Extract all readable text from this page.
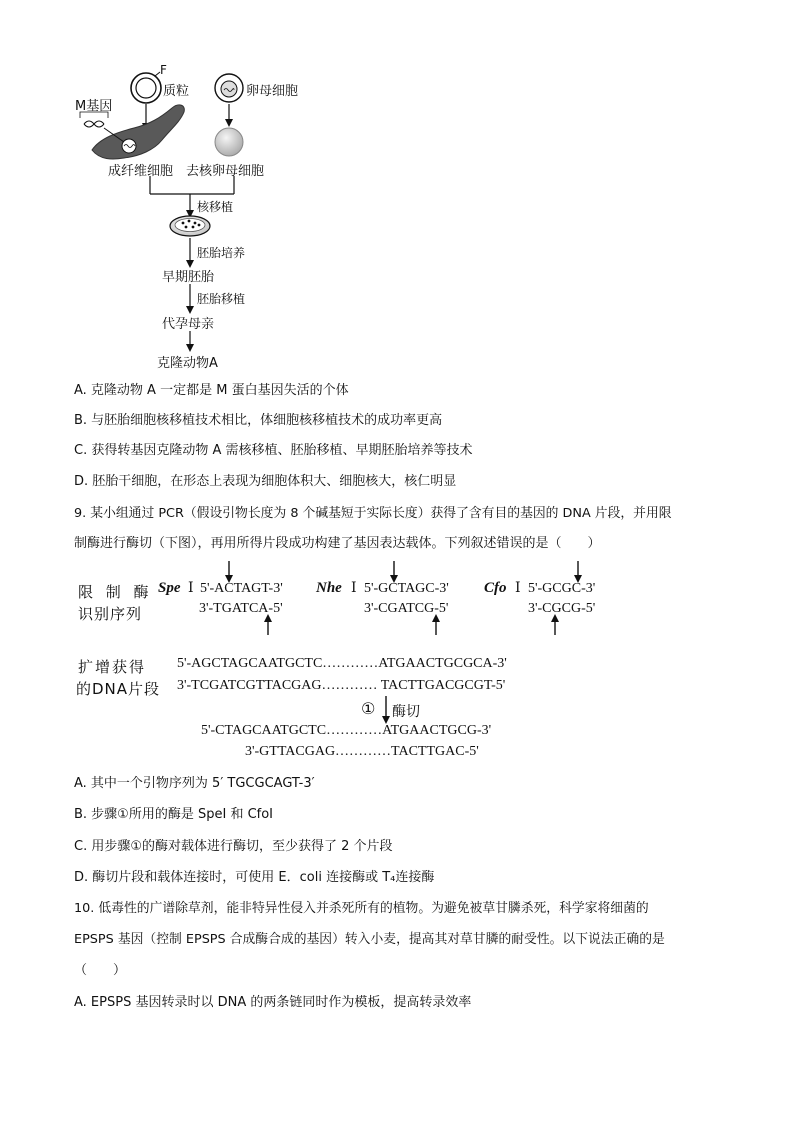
F
质粒
M基因
卵母细胞
成纤维细胞 去核卵母细胞
核移植
胚胎培养
早期胚胎
胚胎移植
代孕母亲
克隆动物A
A. 克隆动物 A 一定都是 M 蛋白基因失活的个体
B. 与胚胎细胞核移植技术相比，体细胞核移植技术的成功率更高
C. 获得转基因克隆动物 A 需核移植、胚胎移植、早期胚胎培养等技术
D. 胚胎干细胞，在形态上表现为细胞体积大、细胞核大，核仁明显
9. 某小组通过 PCR（假设引物长度为 8 个碱基短于实际长度）获得了含有目的基因的 DNA 片段，并用限
制酶进行酶切（下图），再用所得片段成功构建了基因表达载体。下列叙述错误的是（　　）
限 制 酶
识别序列
Spe Ⅰ 5'-ACTAGT-3'
3'-TGATCA-5'
Nhe Ⅰ 5'-GCTAGC-3'
3'-CGATCG-5'
Cfo Ⅰ 5'-GCGC-3'
3'-CGCG-5'
扩增获得
的DNA片段
5'-AGCTAGCAATGCTC…………ATGAACTGCGCA-3'
3'-TCGATCGTTACGAG………… TACTTGACGCGT-5'
① 酶切
5'-CTAGCAATGCTC…………ATGAACTGCG-3'
3'-GTTACGAG…………TACTTGAC-5'
A. 其中一个引物序列为 5′ TGCGCAGT-3′
B. 步骤①所用的酶是 SpeI 和 CfoI
C. 用步骤①的酶对载体进行酶切，至少获得了 2 个片段
D. 酶切片段和载体连接时，可使用 E．coli 连接酶或 T₄连接酶
10. 低毒性的广谱除草剂，能非特异性侵入并杀死所有的植物。为避免被草甘膦杀死，科学家将细菌的
EPSPS 基因（控制 EPSPS 合成酶合成的基因）转入小麦，提高其对草甘膦的耐受性。以下说法正确的是
（　　）
A. EPSPS 基因转录时以 DNA 的两条链同时作为模板，提高转录效率
